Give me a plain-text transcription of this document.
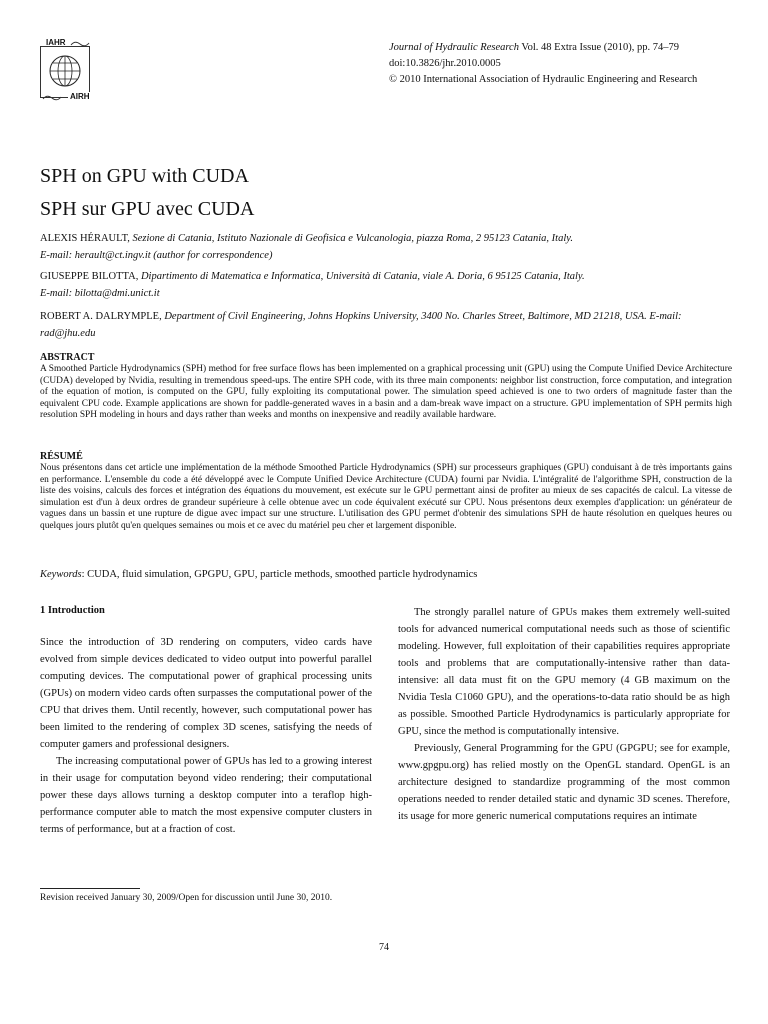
IAHR
AIRH
Journal of Hydraulic Research Vol. 48 Extra Issue (2010), pp. 74–79
doi:10.3826/jhr.2010.0005
© 2010 International Association of Hydraulic Engineering and Research
SPH on GPU with CUDA
SPH sur GPU avec CUDA
ALEXIS HÉRAULT, Sezione di Catania, Istituto Nazionale di Geofisica e Vulcanologia, piazza Roma, 2 95123 Catania, Italy.
E-mail: herault@ct.ingv.it (author for correspondence)
GIUSEPPE BILOTTA, Dipartimento di Matematica e Informatica, Università di Catania, viale A. Doria, 6 95125 Catania, Italy.
E-mail: bilotta@dmi.unict.it
ROBERT A. DALRYMPLE, Department of Civil Engineering, Johns Hopkins University, 3400 No. Charles Street, Baltimore, MD 21218, USA. E-mail: rad@jhu.edu
ABSTRACT
A Smoothed Particle Hydrodynamics (SPH) method for free surface flows has been implemented on a graphical processing unit (GPU) using the Compute Unified Device Architecture (CUDA) developed by Nvidia, resulting in tremendous speed-ups. The entire SPH code, with its three main components: neighbor list construction, force computation, and integration of the equation of motion, is computed on the GPU, fully exploiting its computational power. The simulation speed achieved is one to two orders of magnitude faster than the equivalent CPU code. Example applications are shown for paddle-generated waves in a basin and a dam-break wave impact on a structure. GPU implementation of SPH permits high resolution SPH modeling in hours and days rather than weeks and months on inexpensive and readily available hardware.
RÉSUMÉ
Nous présentons dans cet article une implémentation de la méthode Smoothed Particle Hydrodynamics (SPH) sur processeurs graphiques (GPU) conduisant à de très importants gains en performance. L'ensemble du code a été développé avec le Compute Unified Device Architecture (CUDA) fourni par Nvidia. L'intégralité de l'algorithme SPH, construction de la liste des voisins, calculs des forces et intégration des équations du mouvement, est exécute sur le GPU permettant ainsi de profiter au mieux de ses capacités de calcul. La vitesse de simulation est d'un à deux ordres de grandeur supérieure à celle obtenue avec un code équivalent exécuté sur CPU. Nous présentons deux exemples d'application: un générateur de vagues dans un bassin et une rupture de digue avec impact sur une structure. L'utilisation des GPU permet d'obtenir des simulations SPH de haute résolution en quelques heures ou quelques jours plutôt qu'en quelques semaines ou mois et ce avec du matériel peu cher et largement disponible.
Keywords: CUDA, fluid simulation, GPGPU, GPU, particle methods, smoothed particle hydrodynamics
1 Introduction

Since the introduction of 3D rendering on computers, video cards have evolved from simple devices dedicated to video output into powerful parallel computing devices. The computational power of graphical processing units (GPUs) on modern video cards often surpasses the computational power of the CPU that drives them. Until recently, however, such computational power has been limited to the rendering of complex 3D scenes, satisfying the needs of computer gamers and professional designers.

The increasing computational power of GPUs has led to a growing interest in their usage for computation beyond video rendering; their computational power these days allows turning a desktop computer into a teraflop high-performance computer able to match the most expensive computer clusters in terms of performance, but at a fraction of cost.

The strongly parallel nature of GPUs makes them extremely well-suited tools for advanced numerical computational needs such as those of scientific modeling. However, full exploitation of their capabilities requires appropriate tools and problems that are computationally-intensive rather than data-intensive: all data must fit on the GPU memory (4 GB maximum on the Nvidia Tesla C1060 GPU), and the operations-to-data ratio should be as high as possible. Smoothed Particle Hydrodynamics is particularly appropriate for GPU, since the method is computationally intensive.

Previously, General Programming for the GPU (GPGPU; see for example, www.gpgpu.org) has relied mostly on the OpenGL standard. OpenGL is an architecture designed to standardize programming of the most common operations needed to render detailed static and dynamic 3D scenes. Therefore, its usage for more generic numerical computations requires an intimate

Revision received January 30, 2009/Open for discussion until June 30, 2010.
74
